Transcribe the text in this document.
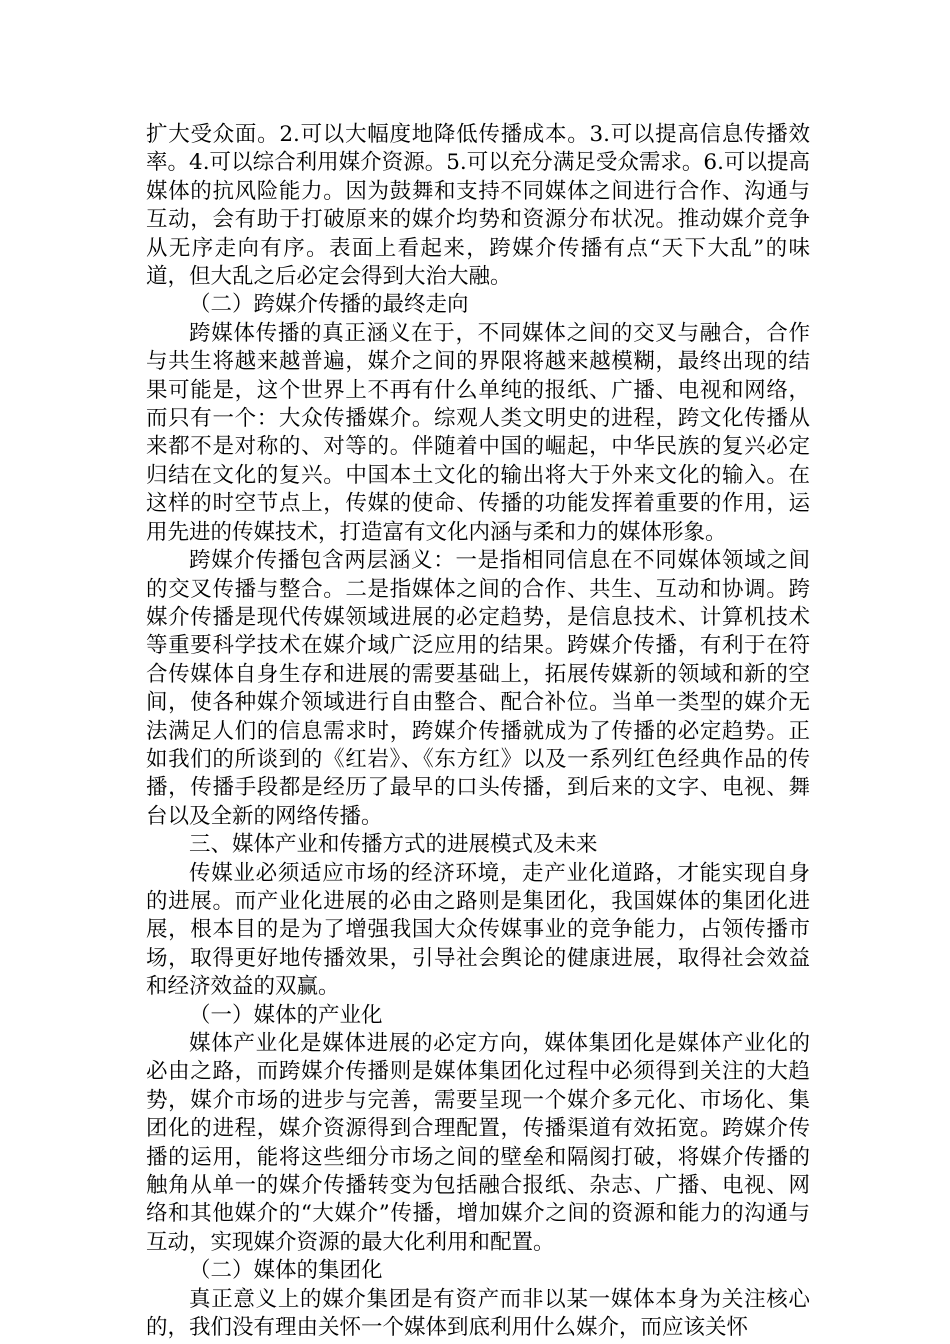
扩大受众面。2.可以大幅度地降低传播成本。3.可以提高信息传播效率。4.可以综合利用媒介资源。5.可以充分满足受众需求。6.可以提高媒体的抗风险能力。因为鼓舞和支持不同媒体之间进行合作、沟通与互动，会有助于打破原来的媒介均势和资源分布状况。推动媒介竞争从无序走向有序。表面上看起来，跨媒介传播有点“天下大乱”的味道，但大乱之后必定会得到大治大融。

（二）跨媒介传播的最终走向

跨媒体传播的真正涵义在于，不同媒体之间的交叉与融合，合作与共生将越来越普遍，媒介之间的界限将越来越模糊，最终出现的结果可能是，这个世界上不再有什么单纯的报纸、广播、电视和网络，而只有一个：大众传播媒介。综观人类文明史的进程，跨文化传播从来都不是对称的、对等的。伴随着中国的崛起，中华民族的复兴必定归结在文化的复兴。中国本土文化的输出将大于外来文化的输入。在这样的时空节点上，传媒的使命、传播的功能发挥着重要的作用，运用先进的传媒技术，打造富有文化内涵与柔和力的媒体形象。

跨媒介传播包含两层涵义：一是指相同信息在不同媒体领域之间的交叉传播与整合。二是指媒体之间的合作、共生、互动和协调。跨媒介传播是现代传媒领域进展的必定趋势，是信息技术、计算机技术等重要科学技术在媒介域广泛应用的结果。跨媒介传播，有利于在符合传媒体自身生存和进展的需要基础上，拓展传媒新的领域和新的空间，使各种媒介领域进行自由整合、配合补位。当单一类型的媒介无法满足人们的信息需求时，跨媒介传播就成为了传播的必定趋势。正如我们的所谈到的《红岩》、《东方红》以及一系列红色经典作品的传播，传播手段都是经历了最早的口头传播，到后来的文字、电视、舞台以及全新的网络传播。

三、媒体产业和传播方式的进展模式及未来

传媒业必须适应市场的经济环境，走产业化道路，才能实现自身的进展。而产业化进展的必由之路则是集团化，我国媒体的集团化进展，根本目的是为了增强我国大众传媒事业的竞争能力，占领传播市场，取得更好地传播效果，引导社会舆论的健康进展，取得社会效益和经济效益的双赢。

（一）媒体的产业化

媒体产业化是媒体进展的必定方向，媒体集团化是媒体产业化的必由之路，而跨媒介传播则是媒体集团化过程中必须得到关注的大趋势，媒介市场的进步与完善，需要呈现一个媒介多元化、市场化、集团化的进程，媒介资源得到合理配置，传播渠道有效拓宽。跨媒介传播的运用，能将这些细分市场之间的壁垒和隔阂打破，将媒介传播的触角从单一的媒介传播转变为包括融合报纸、杂志、广播、电视、网络和其他媒介的“大媒介”传播，增加媒介之间的资源和能力的沟通与互动，实现媒介资源的最大化利用和配置。

（二）媒体的集团化

真正意义上的媒介集团是有资产而非以某一媒体本身为关注核心的，我们没有理由关怀一个媒体到底利用什么媒介，而应该关怀
